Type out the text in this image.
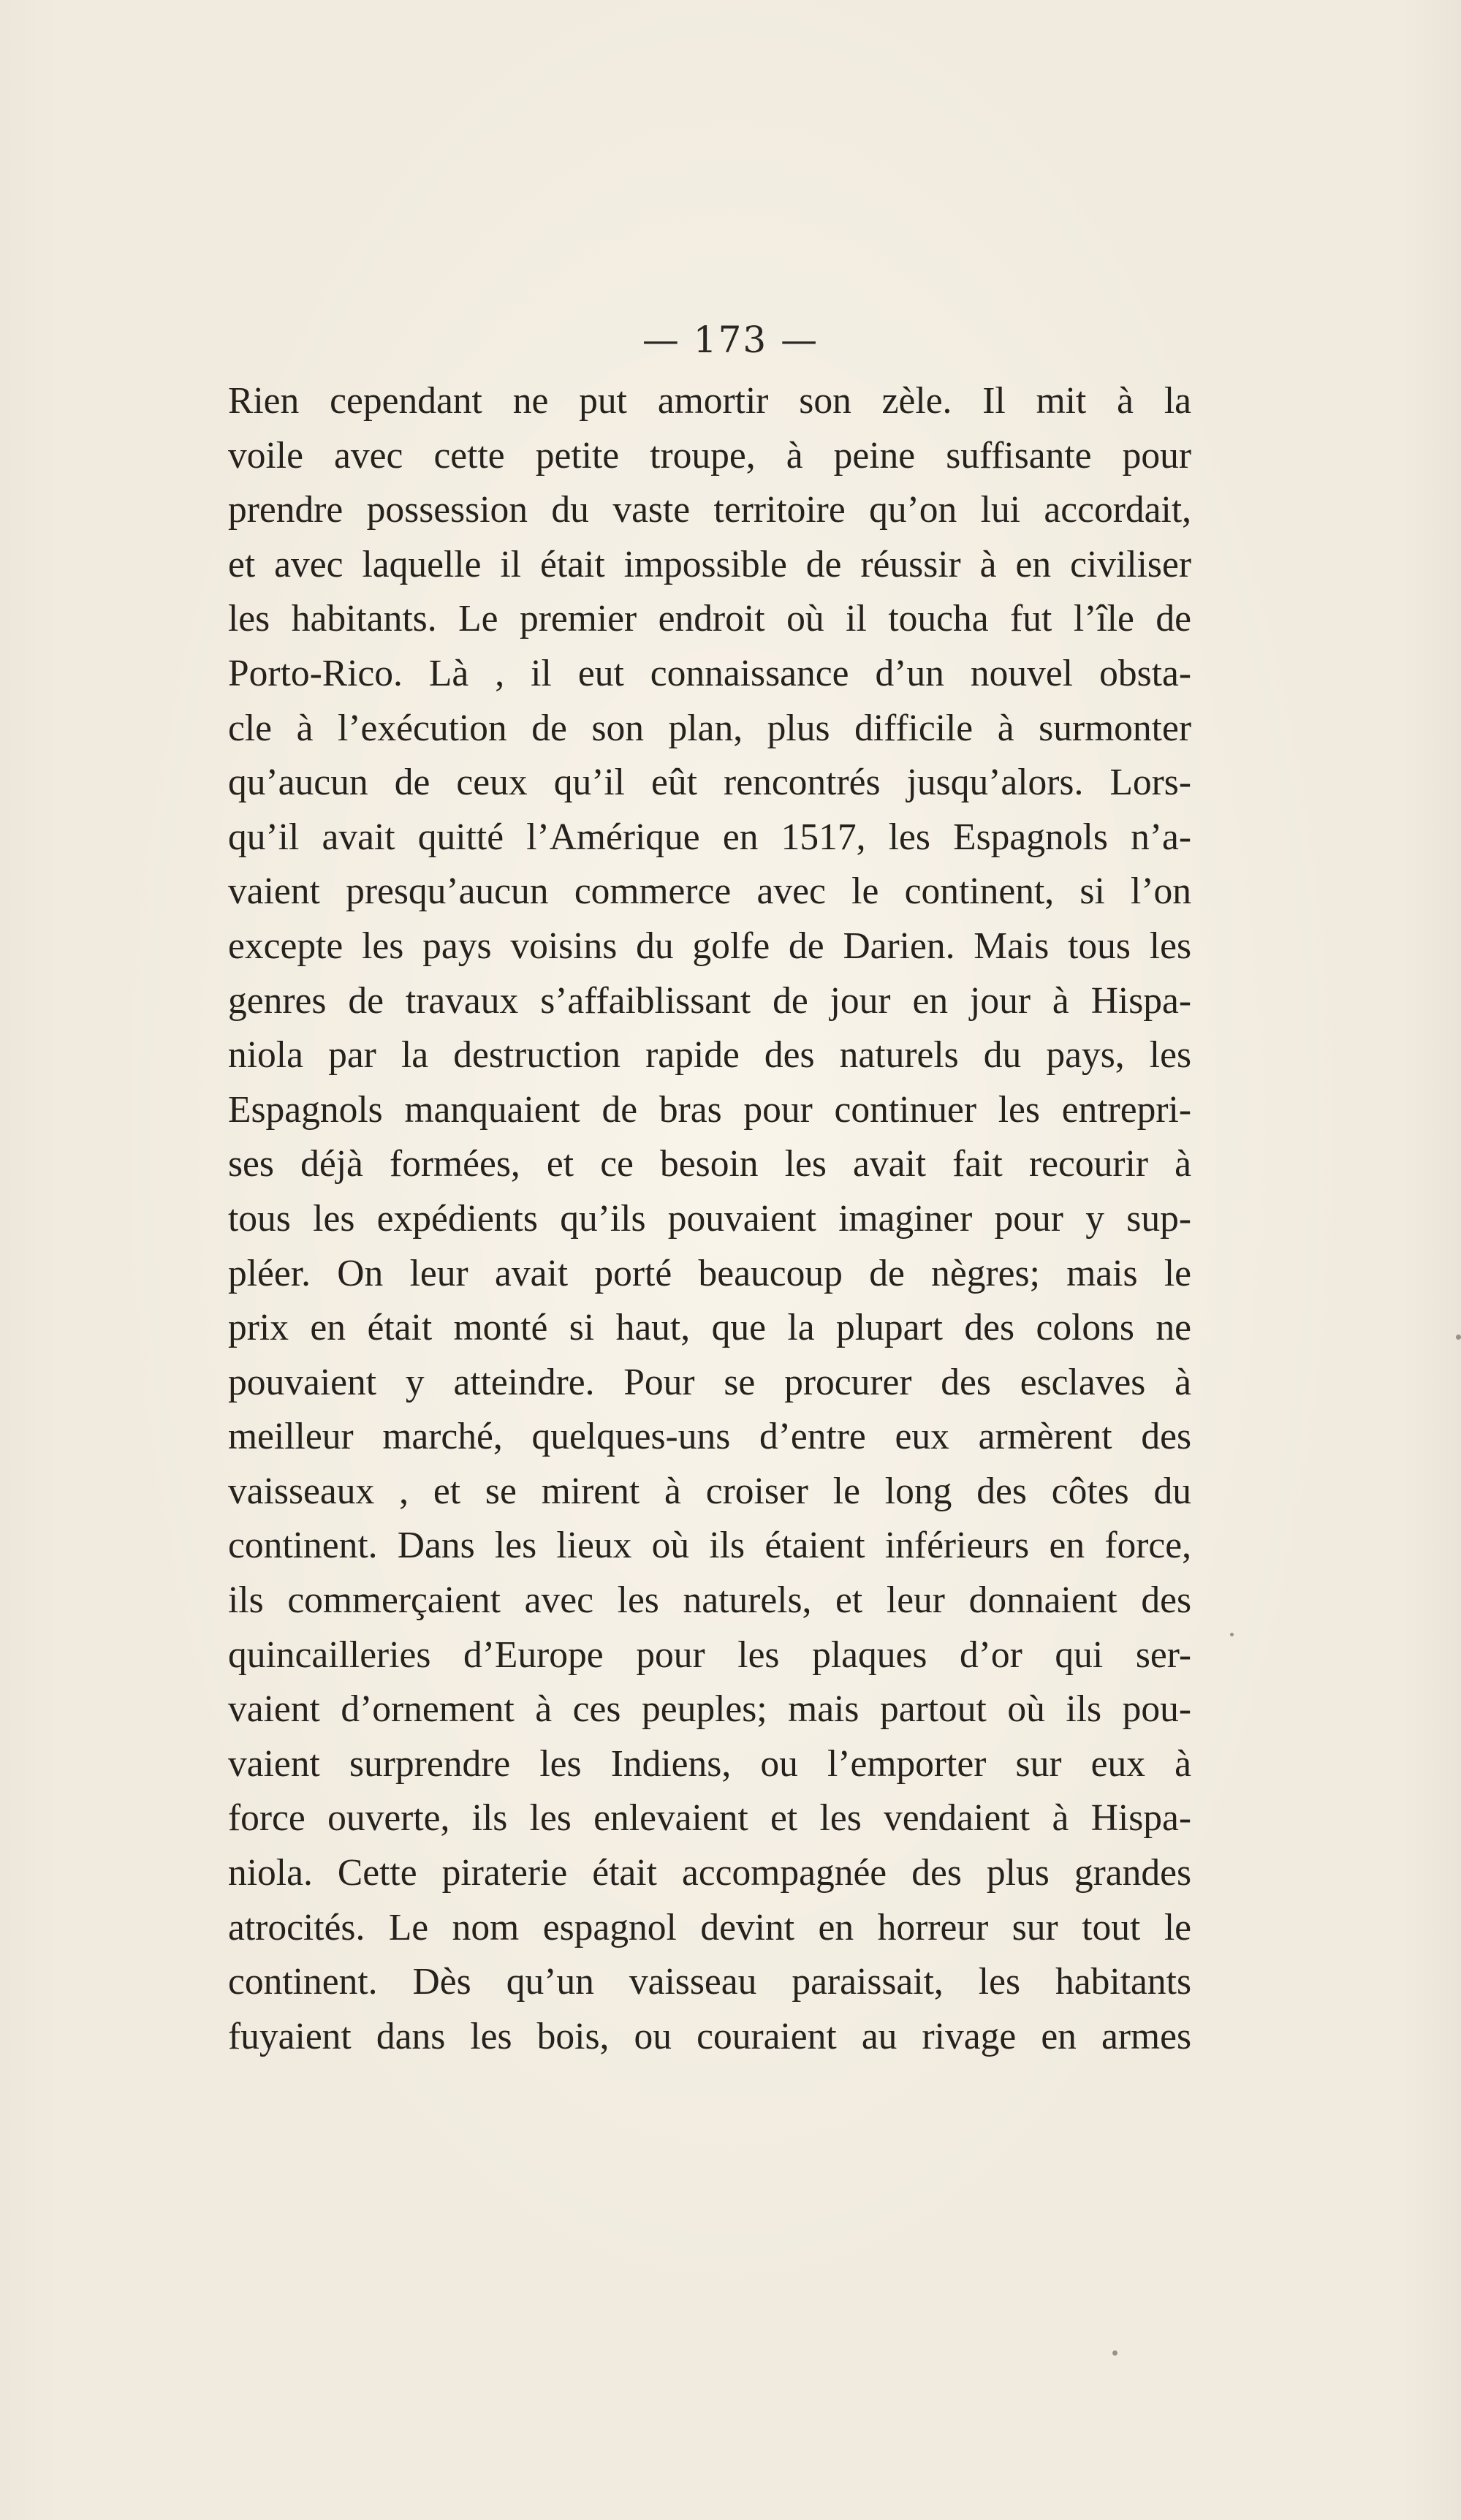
— 173 —

Rien cependant ne put amortir son zèle. Il mit à la
voile avec cette petite troupe, à peine suffisante pour
prendre possession du vaste territoire qu’on lui accordait,
et avec laquelle il était impossible de réussir à en civiliser
les habitants. Le premier endroit où il toucha fut l’île de
Porto-Rico. Là , il eut connaissance d’un nouvel obsta-
cle à l’exécution de son plan, plus difficile à surmonter
qu’aucun de ceux qu’il eût rencontrés jusqu’alors. Lors-
qu’il avait quitté l’Amérique en 1517, les Espagnols n’a-
vaient presqu’aucun commerce avec le continent, si l’on
excepte les pays voisins du golfe de Darien. Mais tous les
genres de travaux s’affaiblissant de jour en jour à Hispa-
niola par la destruction rapide des naturels du pays, les
Espagnols manquaient de bras pour continuer les entrepri-
ses déjà formées, et ce besoin les avait fait recourir à
tous les expédients qu’ils pouvaient imaginer pour y sup-
pléer. On leur avait porté beaucoup de nègres; mais le
prix en était monté si haut, que la plupart des colons ne
pouvaient y atteindre. Pour se procurer des esclaves à
meilleur marché, quelques-uns d’entre eux armèrent des
vaisseaux , et se mirent à croiser le long des côtes du
continent. Dans les lieux où ils étaient inférieurs en force,
ils commerçaient avec les naturels, et leur donnaient des
quincailleries d’Europe pour les plaques d’or qui ser-
vaient d’ornement à ces peuples; mais partout où ils pou-
vaient surprendre les Indiens, ou l’emporter sur eux à
force ouverte, ils les enlevaient et les vendaient à Hispa-
niola. Cette piraterie était accompagnée des plus grandes
atrocités. Le nom espagnol devint en horreur sur tout le
continent. Dès qu’un vaisseau paraissait, les habitants
fuyaient dans les bois, ou couraient au rivage en armes
